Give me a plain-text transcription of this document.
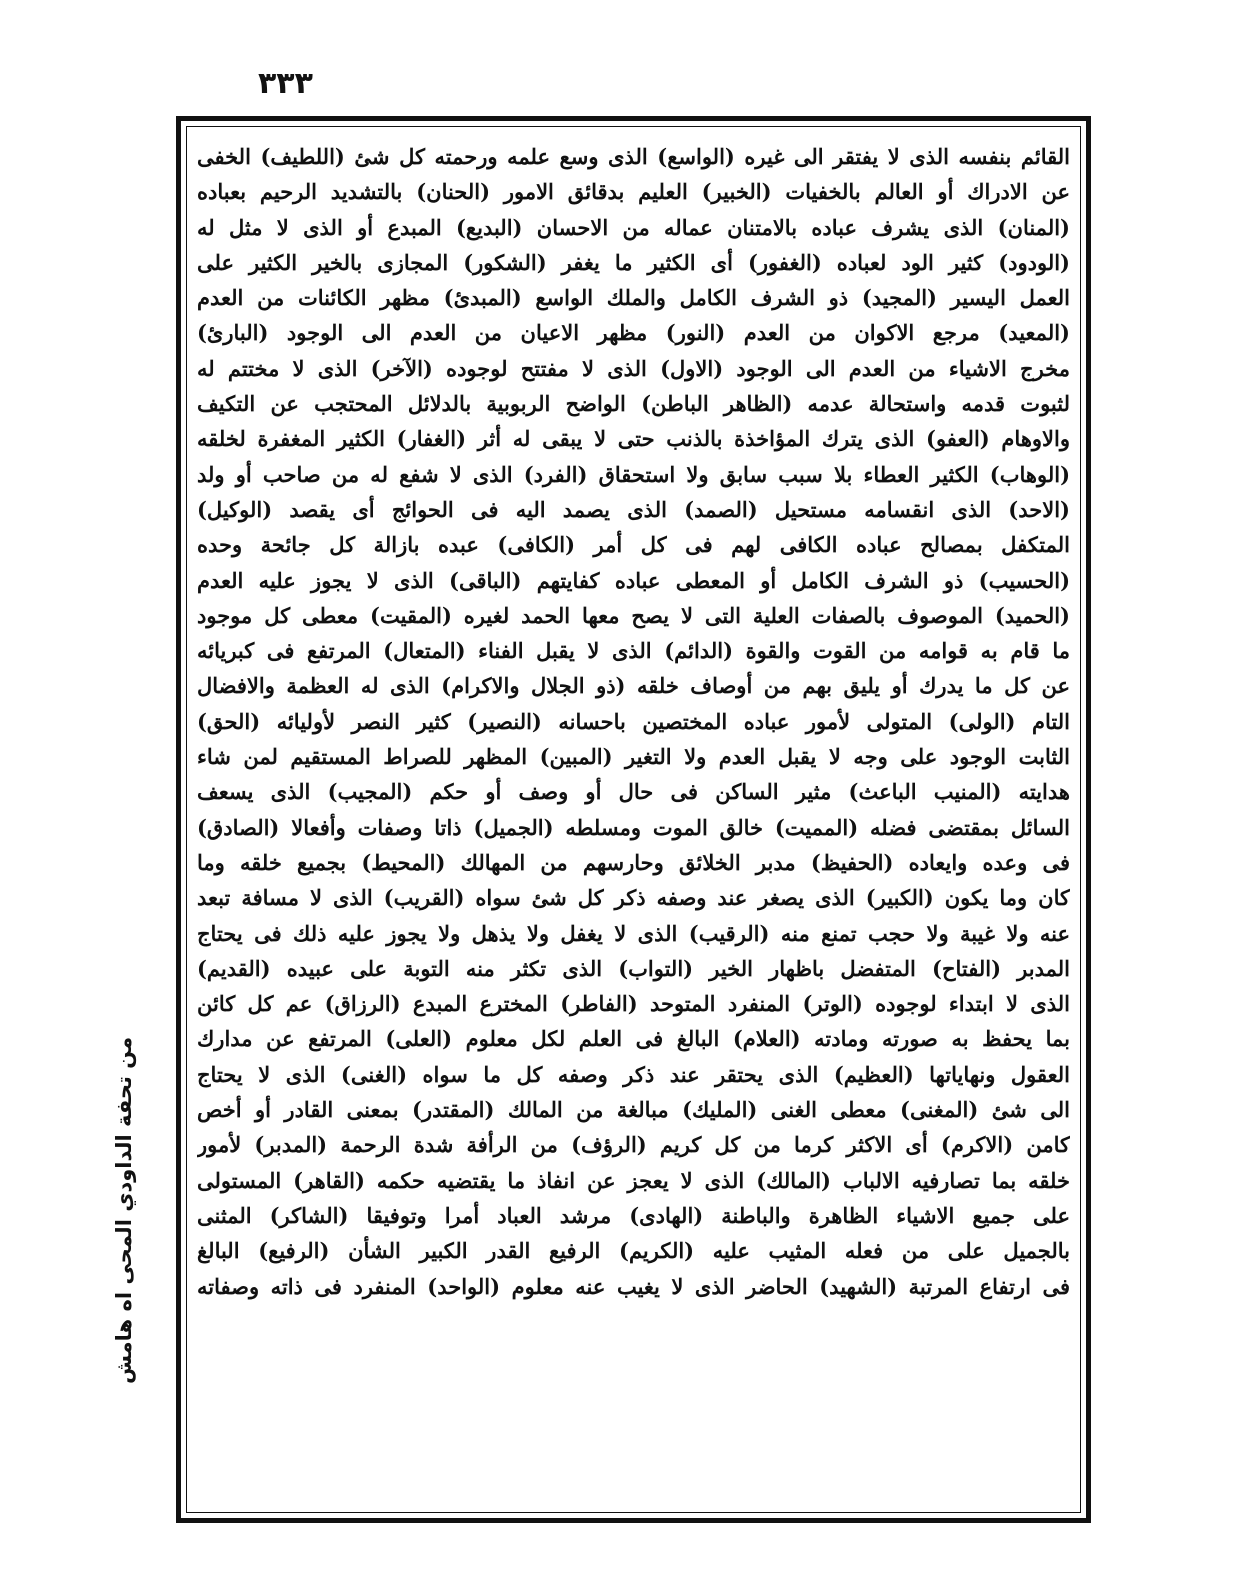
٣٣٣
من تحفة الداودي المحى اه هامش
القائم بنفسه الذى لا يفتقر الى غيره (الواسع) الذى وسع علمه ورحمته كل شئ (اللطيف) الخفى
عن الادراك أو العالم بالخفيات (الخبير) العليم بدقائق الامور (الحنان) بالتشديد الرحيم بعباده
(المنان) الذى يشرف عباده بالامتنان عماله من الاحسان (البديع) المبدع أو الذى لا مثل له
(الودود) كثير الود لعباده (الغفور) أى الكثير ما يغفر (الشكور) المجازى بالخير الكثير على
العمل اليسير (المجيد) ذو الشرف الكامل والملك الواسع (المبدئ) مظهر الكائنات من العدم
(المعيد) مرجع الاكوان من العدم (النور) مظهر الاعيان من العدم الى الوجود (البارئ)
مخرج الاشياء من العدم الى الوجود (الاول) الذى لا مفتتح لوجوده (الآخر) الذى لا مختتم له
لثبوت قدمه واستحالة عدمه (الظاهر الباطن) الواضح الربوبية بالدلائل المحتجب عن التكيف
والاوهام (العفو) الذى يترك المؤاخذة بالذنب حتى لا يبقى له أثر (الغفار) الكثير المغفرة لخلقه
(الوهاب) الكثير العطاء بلا سبب سابق ولا استحقاق (الفرد) الذى لا شفع له من صاحب أو ولد
(الاحد) الذى انقسامه مستحيل (الصمد) الذى يصمد اليه فى الحوائج أى يقصد (الوكيل)
المتكفل بمصالح عباده الكافى لهم فى كل أمر (الكافى) عبده بازالة كل جائحة وحده
(الحسيب) ذو الشرف الكامل أو المعطى عباده كفايتهم (الباقى) الذى لا يجوز عليه العدم
(الحميد) الموصوف بالصفات العلية التى لا يصح معها الحمد لغيره (المقيت) معطى كل موجود
ما قام به قوامه من القوت والقوة (الدائم) الذى لا يقبل الفناء (المتعال) المرتفع فى كبريائه
عن كل ما يدرك أو يليق بهم من أوصاف خلقه (ذو الجلال والاكرام) الذى له العظمة والافضال
التام (الولى) المتولى لأمور عباده المختصين باحسانه (النصير) كثير النصر لأوليائه (الحق)
الثابت الوجود على وجه لا يقبل العدم ولا التغير (المبين) المظهر للصراط المستقيم لمن شاء
هدايته (المنيب الباعث) مثير الساكن فى حال أو وصف أو حكم (المجيب) الذى يسعف
السائل بمقتضى فضله (المميت) خالق الموت ومسلطه (الجميل) ذاتا وصفات وأفعالا (الصادق)
فى وعده وايعاده (الحفيظ) مدبر الخلائق وحارسهم من المهالك (المحيط) بجميع خلقه وما
كان وما يكون (الكبير) الذى يصغر عند وصفه ذكر كل شئ سواه (القريب) الذى لا مسافة تبعد
عنه ولا غيبة ولا حجب تمنع منه (الرقيب) الذى لا يغفل ولا يذهل ولا يجوز عليه ذلك فى يحتاج
المدبر (الفتاح) المتفضل باظهار الخير (التواب) الذى تكثر منه التوبة على عبيده (القديم)
الذى لا ابتداء لوجوده (الوتر) المنفرد المتوحد (الفاطر) المخترع المبدع (الرزاق) عم كل كائن
بما يحفظ به صورته ومادته (العلام) البالغ فى العلم لكل معلوم (العلى) المرتفع عن مدارك
العقول ونهاياتها (العظيم) الذى يحتقر عند ذكر وصفه كل ما سواه (الغنى) الذى لا يحتاج
الى شئ (المغنى) معطى الغنى (المليك) مبالغة من المالك (المقتدر) بمعنى القادر أو أخص
كامن (الاكرم) أى الاكثر كرما من كل كريم (الرؤف) من الرأفة شدة الرحمة (المدبر) لأمور
خلقه بما تصارفيه الالباب (المالك) الذى لا يعجز عن انفاذ ما يقتضيه حكمه (القاهر) المستولى
على جميع الاشياء الظاهرة والباطنة (الهادى) مرشد العباد أمرا وتوفيقا (الشاكر) المثنى
بالجميل على من فعله المثيب عليه (الكريم) الرفيع القدر الكبير الشأن (الرفيع) البالغ
فى ارتفاع المرتبة (الشهيد) الحاضر الذى لا يغيب عنه معلوم (الواحد) المنفرد فى ذاته وصفاته
